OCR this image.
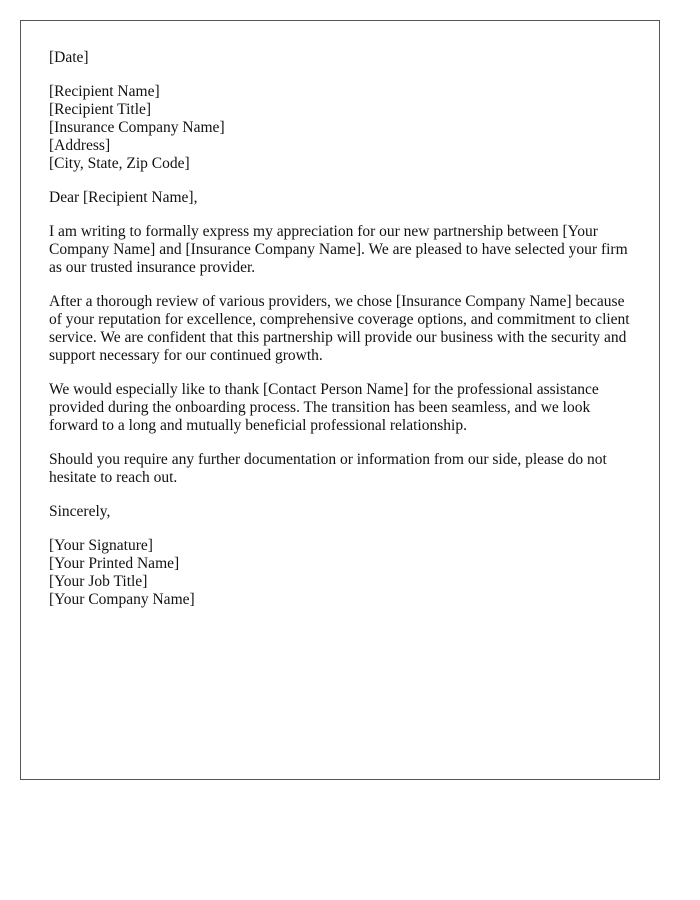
[Date]
[Recipient Name]
[Recipient Title]
[Insurance Company Name]
[Address]
[City, State, Zip Code]
Dear [Recipient Name],

I am writing to formally express my appreciation for our new partnership between [Your Company Name] and [Insurance Company Name]. We are pleased to have selected your firm as our trusted insurance provider.

After a thorough review of various providers, we chose [Insurance Company Name] because of your reputation for excellence, comprehensive coverage options, and commitment to client service. We are confident that this partnership will provide our business with the security and support necessary for our continued growth.

We would especially like to thank [Contact Person Name] for the professional assistance provided during the onboarding process. The transition has been seamless, and we look forward to a long and mutually beneficial professional relationship.

Should you require any further documentation or information from our side, please do not hesitate to reach out.

Sincerely,
[Your Signature]
[Your Printed Name]
[Your Job Title]
[Your Company Name]
